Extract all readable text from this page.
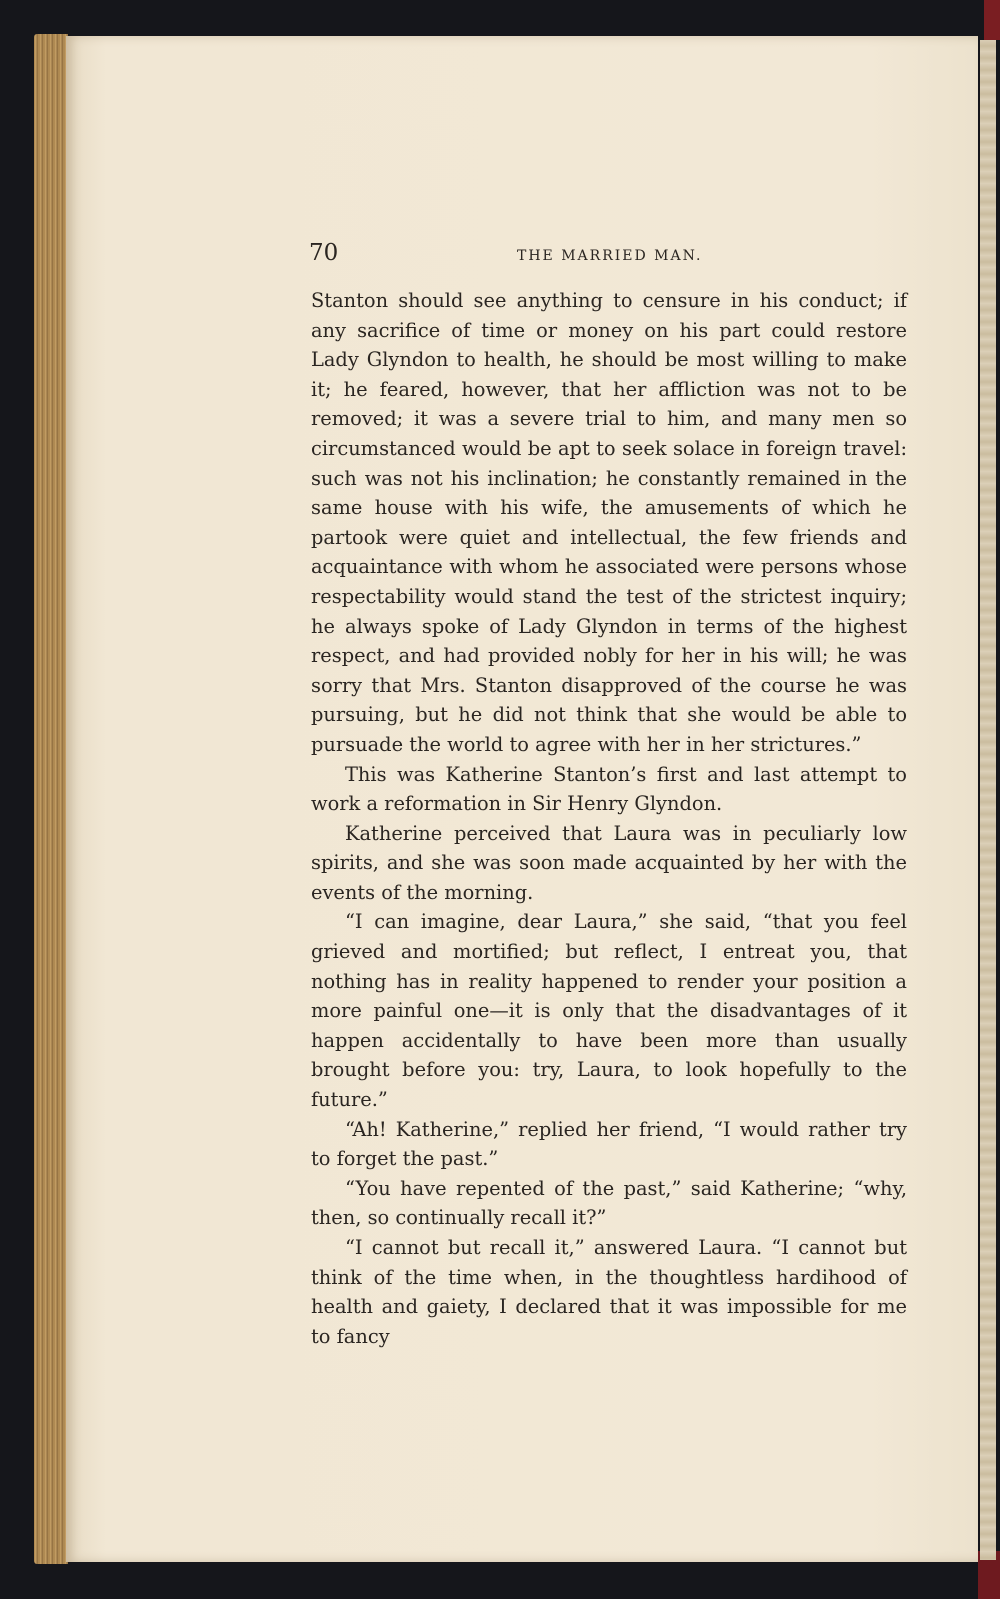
70	THE MARRIED MAN.

Stanton should see anything to censure in his conduct; if any sacrifice of time or money on his part could restore Lady Glyndon to health, he should be most willing to make it; he feared, however, that her affliction was not to be removed; it was a severe trial to him, and many men so circumstanced would be apt to seek solace in foreign travel: such was not his inclination; he constantly remained in the same house with his wife, the amusements of which he partook were quiet and intellectual, the few friends and acquaintance with whom he associated were persons whose respectability would stand the test of the strictest inquiry; he always spoke of Lady Glyndon in terms of the highest respect, and had provided nobly for her in his will; he was sorry that Mrs. Stanton disapproved of the course he was pursuing, but he did not think that she would be able to pursuade the world to agree with her in her strictures.”

This was Katherine Stanton’s first and last attempt to work a reformation in Sir Henry Glyndon.

Katherine perceived that Laura was in peculiarly low spirits, and she was soon made acquainted by her with the events of the morning.

“I can imagine, dear Laura,” she said, “that you feel grieved and mortified; but reflect, I entreat you, that nothing has in reality happened to render your position a more painful one—it is only that the disadvantages of it happen accidentally to have been more than usually brought before you: try, Laura, to look hopefully to the future.”

“Ah! Katherine,” replied her friend, “I would rather try to forget the past.”

“You have repented of the past,” said Katherine; “why, then, so continually recall it?”

“I cannot but recall it,” answered Laura. “I cannot but think of the time when, in the thoughtless hardihood of health and gaiety, I declared that it was impossible for me to fancy
